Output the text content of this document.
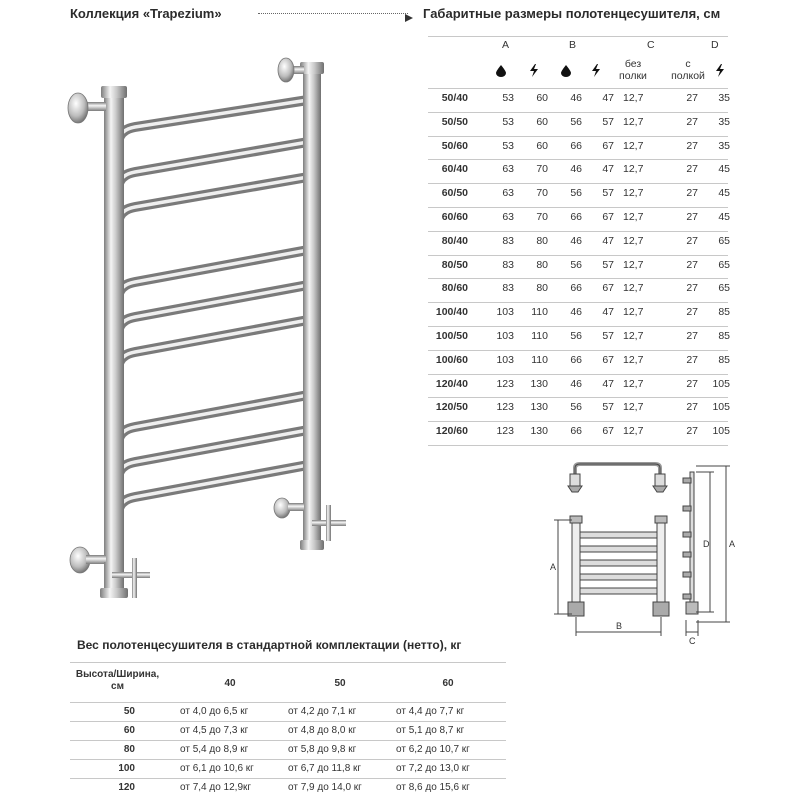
Коллекция «Trapezium»	Габаритные размеры полотенцесушителя, см
A	B	C	D
без
полки
с
полкой
50/40	53	60	46	47 12,7	27	35
50/50	53	60	56	57 12,7	27	35
50/60	53	60	66	67 12,7	27	35
60/40	63	70	46	47 12,7	27	45
60/50	63	70	56	57 12,7	27	45
60/60	63	70	66	67 12,7	27	45
80/40	83	80	46	47 12,7	27	65
80/50	83	80	56	57 12,7	27	65
80/60	83	80	66	67 12,7	27	65
100/40	103	110	46	47 12,7	27	85
100/50	103	110	56	57 12,7	27	85
100/60	103	110	66	67 12,7	27	85
120/40	123	130	46	47 12,7	27	105
120/50	123	130	56	57 12,7	27	105
120/60	123	130	66	67 12,7	27	105
A
B
D A
C
Вес полотенцесушителя в стандартной комплектации (нетто), кг
Высота/Ширина,
см	40	50	60
50	от 4,0 до 6,5 кг	от 4,2 до 7,1 кг	от 4,4 до 7,7 кг
60	от 4,5 до 7,3 кг	от 4,8 до 8,0 кг	от 5,1 до 8,7 кг
80	от 5,4 до 8,9 кг	от 5,8 до 9,8 кг	от 6,2 до 10,7 кг
100	от 6,1 до 10,6 кг	от 6,7 до 11,8 кг	от 7,2 до 13,0 кг
120	от 7,4 до 12,9кг	от 7,9 до 14,0 кг	от 8,6 до 15,6 кг
